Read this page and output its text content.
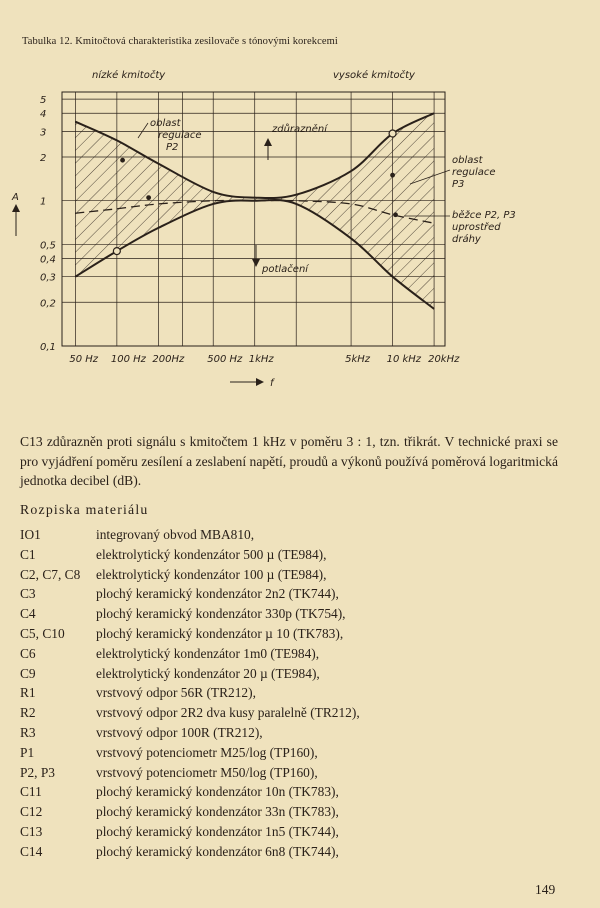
Tabulka 12. Kmitočtová charakteristika zesilovače s tónovými korekcemi
0,1
0,2
0,3
0,4
0,5
1
2
3
4
5
50 Hz 100 Hz 200Hz 500 Hz 1kHz	5kHz 10 kHz 20kHz
nízké kmitočty	vysoké kmitočty
oblast
regulace
P2
zdůraznění
potlačení
oblast
regulace
P3
běžce P2, P3
uprostřed
dráhy
A
f
C13 zdůrazněn proti signálu s kmitočtem 1 kHz v poměru 3 : 1, tzn. třikrát. V technické praxi se pro vyjádření poměru zesílení a zeslabení napětí, proudů a výkonů používá poměrová logaritmická jednotka decibel (dB).
Rozpiska materiálu
IO1	integrovaný obvod MBA810,
C1	elektrolytický kondenzátor 500 µ (TE984),
C2, C7, C8	elektrolytický kondenzátor 100 µ (TE984),
C3	plochý keramický kondenzátor 2n2 (TK744),
C4	plochý keramický kondenzátor 330p (TK754),
C5, C10	plochý keramický kondenzátor µ 10 (TK783),
C6	elektrolytický kondenzátor 1m0 (TE984),
C9	elektrolytický kondenzátor 20 µ (TE984),
R1	vrstvový odpor 56R (TR212),
R2	vrstvový odpor 2R2 dva kusy paralelně (TR212),
R3	vrstvový odpor 100R (TR212),
P1	vrstvový potenciometr M25/log (TP160),
P2, P3	vrstvový potenciometr M50/log (TP160),
C11	plochý keramický kondenzátor 10n (TK783),
C12	plochý keramický kondenzátor 33n (TK783),
C13	plochý keramický kondenzátor 1n5 (TK744),
C14	plochý keramický kondenzátor 6n8 (TK744),
149
